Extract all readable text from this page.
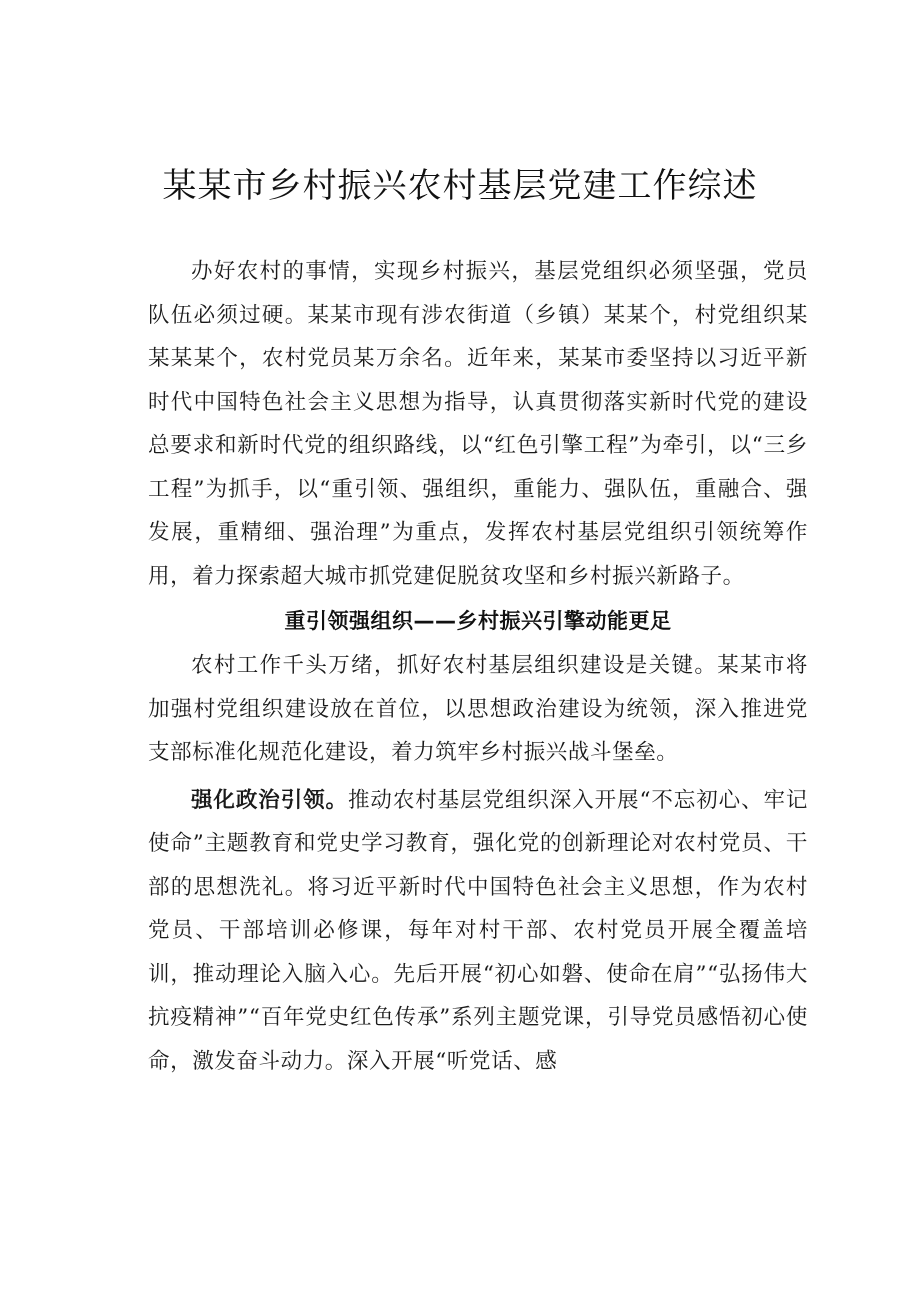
某某市乡村振兴农村基层党建工作综述

办好农村的事情，实现乡村振兴，基层党组织必须坚强，党员队伍必须过硬。某某市现有涉农街道（乡镇）某某个，村党组织某某某某个，农村党员某万余名。近年来，某某市委坚持以习近平新时代中国特色社会主义思想为指导，认真贯彻落实新时代党的建设总要求和新时代党的组织路线，以“红色引擎工程”为牵引，以“三乡工程”为抓手，以“重引领、强组织，重能力、强队伍，重融合、强发展，重精细、强治理”为重点，发挥农村基层党组织引领统筹作用，着力探索超大城市抓党建促脱贫攻坚和乡村振兴新路子。

重引领强组织——乡村振兴引擎动能更足

农村工作千头万绪，抓好农村基层组织建设是关键。某某市将加强村党组织建设放在首位，以思想政治建设为统领，深入推进党支部标准化规范化建设，着力筑牢乡村振兴战斗堡垒。

强化政治引领。推动农村基层党组织深入开展“不忘初心、牢记使命”主题教育和党史学习教育，强化党的创新理论对农村党员、干部的思想洗礼。将习近平新时代中国特色社会主义思想，作为农村党员、干部培训必修课，每年对村干部、农村党员开展全覆盖培训，推动理论入脑入心。先后开展“初心如磐、使命在肩”“弘扬伟大抗疫精神”“百年党史红色传承”系列主题党课，引导党员感悟初心使命，激发奋斗动力。深入开展“听党话、感
